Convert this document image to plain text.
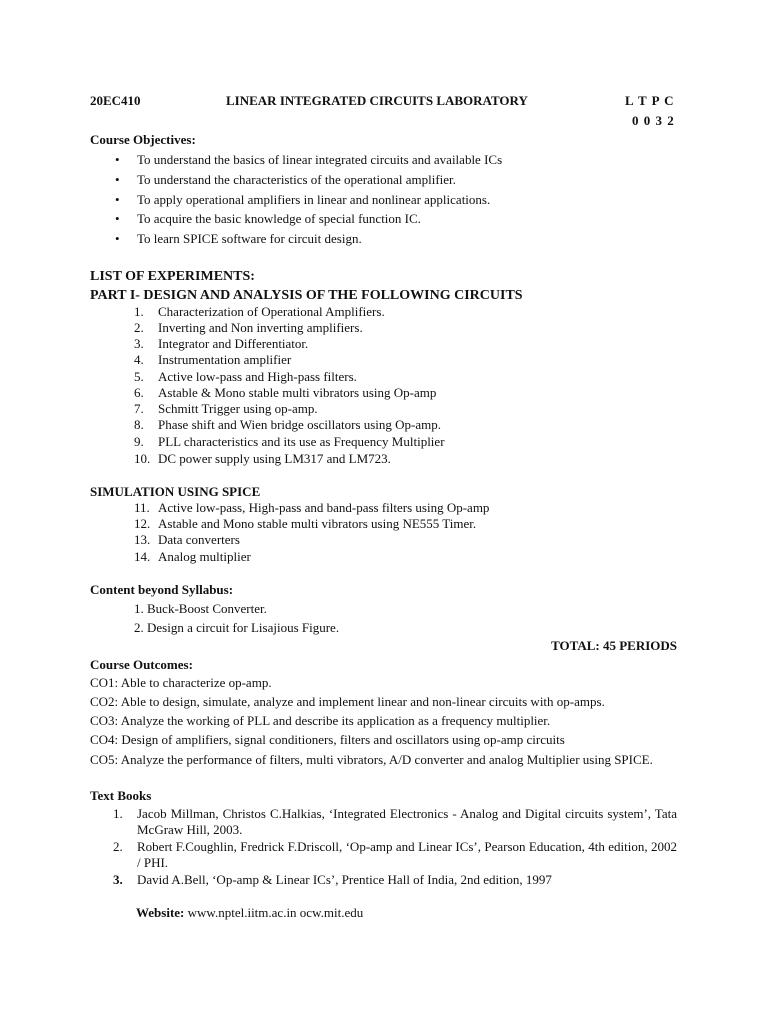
20EC410	LINEAR INTEGRATED CIRCUITS LABORATORY	L T P C
0 0 3 2
Course Objectives:
• To understand the basics of linear integrated circuits and available ICs
• To understand the characteristics of the operational amplifier.
• To apply operational amplifiers in linear and nonlinear applications.
• To acquire the basic knowledge of special function IC.
• To learn SPICE software for circuit design.
LIST OF EXPERIMENTS:
PART I- DESIGN AND ANALYSIS OF THE FOLLOWING CIRCUITS
1. Characterization of Operational Amplifiers.
2. Inverting and Non inverting amplifiers.
3. Integrator and Differentiator.
4. Instrumentation amplifier
5. Active low-pass and High-pass filters.
6. Astable & Mono stable multi vibrators using Op-amp
7. Schmitt Trigger using op-amp.
8. Phase shift and Wien bridge oscillators using Op-amp.
9. PLL characteristics and its use as Frequency Multiplier
10. DC power supply using LM317 and LM723.
SIMULATION USING SPICE
11. Active low-pass, High-pass and band-pass filters using Op-amp
12. Astable and Mono stable multi vibrators using NE555 Timer.
13. Data converters
14. Analog multiplier
Content beyond Syllabus:
1. Buck-Boost Converter.
2. Design a circuit for Lisajious Figure.
TOTAL: 45 PERIODS
Course Outcomes:
CO1: Able to characterize op-amp.
CO2: Able to design, simulate, analyze and implement linear and non-linear circuits with op-amps.
CO3: Analyze the working of PLL and describe its application as a frequency multiplier.
CO4: Design of amplifiers, signal conditioners, filters and oscillators using op-amp circuits
CO5: Analyze the performance of filters, multi vibrators, A/D converter and analog Multiplier using SPICE.
Text Books
1. Jacob Millman, Christos C.Halkias, ‘Integrated Electronics - Analog and Digital circuits system’, Tata McGraw Hill, 2003.
2. Robert F.Coughlin, Fredrick F.Driscoll, ‘Op-amp and Linear ICs’, Pearson Education, 4th edition, 2002 / PHI.
3. David A.Bell, ‘Op-amp & Linear ICs’, Prentice Hall of India, 2nd edition, 1997
Website: www.nptel.iitm.ac.in ocw.mit.edu
